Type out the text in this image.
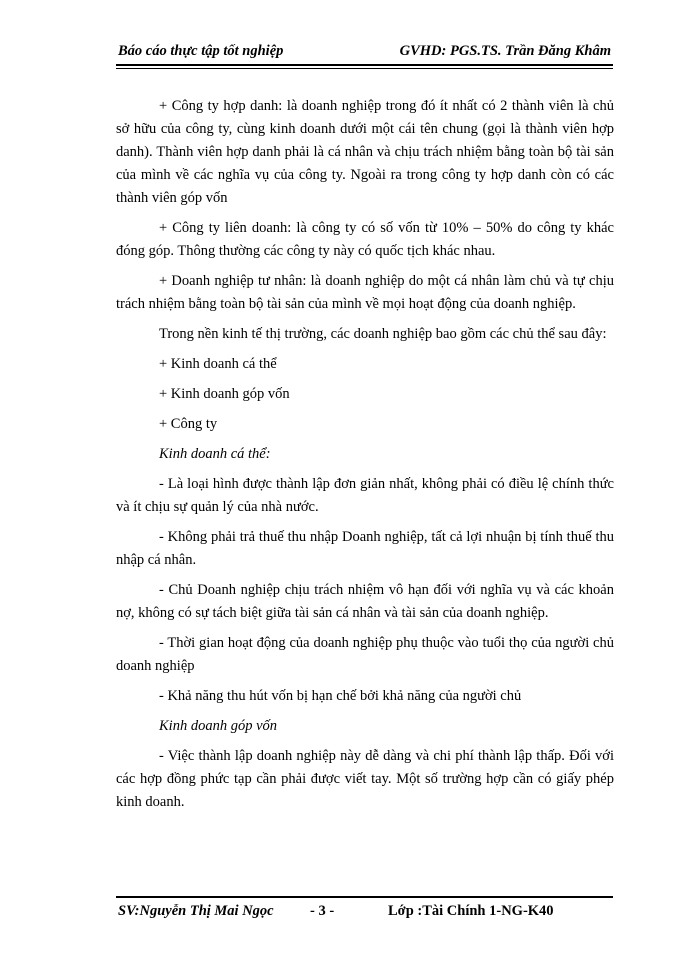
Báo cáo thực tập tốt nghiệp	GVHD: PGS.TS. Trần Đăng Khâm

+ Công ty hợp danh: là doanh nghiệp trong đó ít nhất có 2 thành viên là chủ sở hữu của công ty, cùng kinh doanh dưới một cái tên chung (gọi là thành viên hợp danh). Thành viên hợp danh phải là cá nhân và chịu trách nhiệm bằng toàn bộ tài sản của mình về các nghĩa vụ của công ty. Ngoài ra trong công ty hợp danh còn có các thành viên góp vốn

+ Công ty liên doanh: là công ty có số vốn từ 10% – 50% do công ty khác đóng góp. Thông thường các công ty này có quốc tịch khác nhau.

+ Doanh nghiệp tư nhân: là doanh nghiệp do một cá nhân làm chủ và tự chịu trách nhiệm bằng toàn bộ tài sản của mình về mọi hoạt động của doanh nghiệp.

Trong nền kinh tế thị trường, các doanh nghiệp bao gồm các chủ thể sau đây:

+ Kinh doanh cá thể

+ Kinh doanh góp vốn

+ Công ty

Kinh doanh cá thể:

- Là loại hình được thành lập đơn giản nhất, không phải có điều lệ chính thức và ít chịu sự quản lý của nhà nước.

- Không phải trả thuế thu nhập Doanh nghiệp, tất cả lợi nhuận bị tính thuế thu nhập cá nhân.

- Chủ Doanh nghiệp chịu trách nhiệm vô hạn đối với nghĩa vụ và các khoản nợ, không có sự tách biệt giữa tài sản cá nhân và tài sản của doanh nghiệp.

- Thời gian hoạt động của doanh nghiệp phụ thuộc vào tuổi thọ của người chủ doanh nghiệp

- Khả năng thu hút vốn bị hạn chế bởi khả năng của người chủ

Kinh doanh góp vốn

- Việc thành lập doanh nghiệp này dễ dàng và chi phí thành lập thấp. Đối với các hợp đồng phức tạp cần phải được viết tay. Một số trường hợp cần có giấy phép kinh doanh.

SV:Nguyễn Thị Mai Ngọc	- 3 -	Lớp :Tài Chính 1-NG-K40
